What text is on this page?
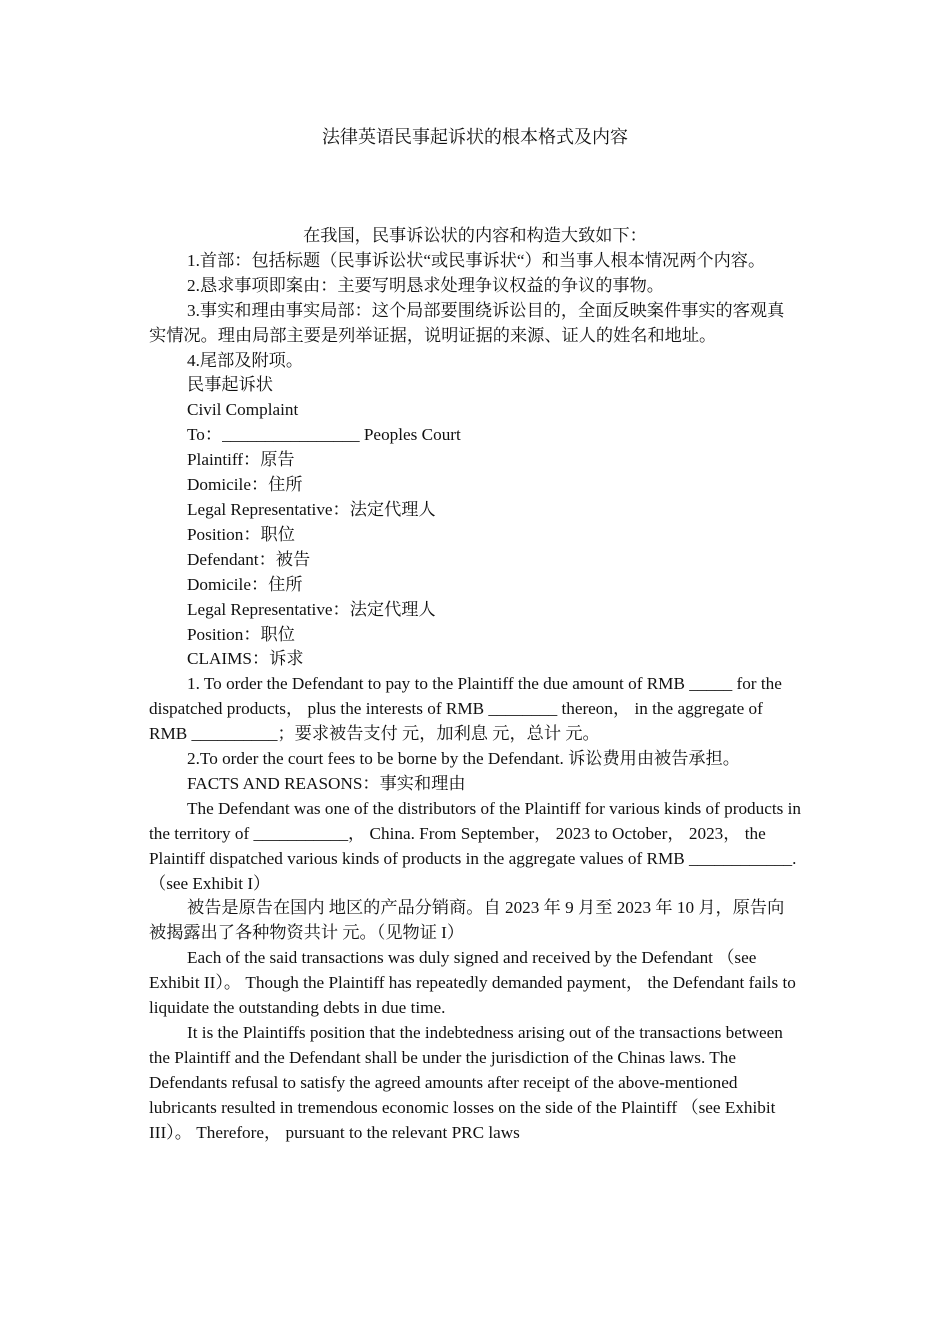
法律英语民事起诉状的根本格式及内容

在我国，民事诉讼状的内容和构造大致如下：

1.首部：包括标题（民事诉讼状“或民事诉状“）和当事人根本情况两个内容。

2.恳求事项即案由：主要写明恳求处理争议权益的争议的事物。

3.事实和理由事实局部：这个局部要围绕诉讼目的，全面反映案件事实的客观真实情况。理由局部主要是列举证据，说明证据的来源、证人的姓名和地址。

4.尾部及附项。

民事起诉状

Civil Complaint

To：________________ Peoples Court

Plaintiff：原告

Domicile：住所

Legal Representative：法定代理人

Position：职位

Defendant：被告

Domicile：住所

Legal Representative：法定代理人

Position：职位

CLAIMS：诉求

1. To order the Defendant to pay to the Plaintiff the due amount of RMB _____ for the dispatched products， plus the interests of RMB ________ thereon， in the aggregate of RMB __________；要求被告支付 元，加利息 元，总计 元。

2.To order the court fees to be borne by the Defendant. 诉讼费用由被告承担。

FACTS AND REASONS：事实和理由

The Defendant was one of the distributors of the Plaintiff for various kinds of products in the territory of ___________， China. From September， 2023 to October， 2023， the Plaintiff dispatched various kinds of products in the aggregate values of RMB ____________. （see Exhibit I）

被告是原告在国内 地区的产品分销商。自 2023 年 9 月至 2023 年 10 月，原告向被揭露出了各种物资共计 元。（见物证 I）

Each of the said transactions was duly signed and received by the Defendant （see Exhibit II）。 Though the Plaintiff has repeatedly demanded payment， the Defendant fails to liquidate the outstanding debts in due time.

It is the Plaintiffs position that the indebtedness arising out of the transactions between the Plaintiff and the Defendant shall be under the jurisdiction of the Chinas laws. The Defendants refusal to satisfy the agreed amounts after receipt of the above-mentioned lubricants resulted in tremendous economic losses on the side of the Plaintiff （see Exhibit III）。 Therefore， pursuant to the relevant PRC laws
